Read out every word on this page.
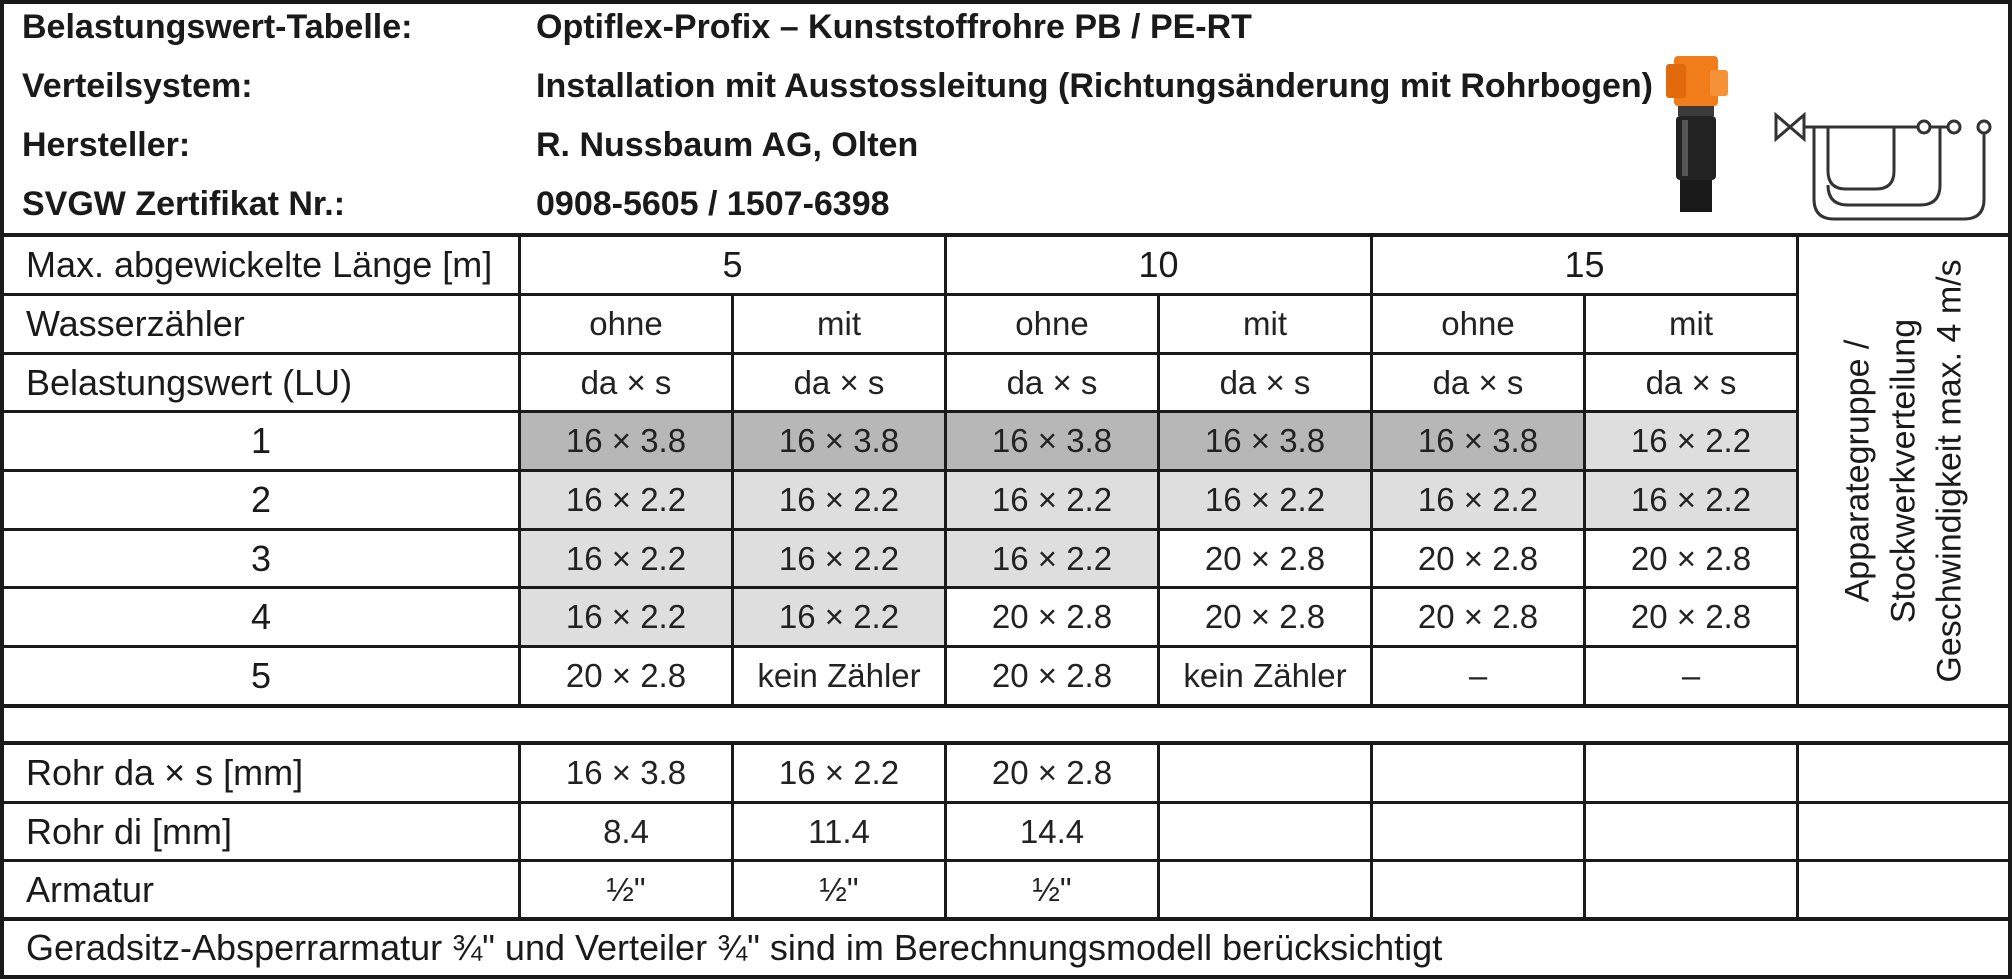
Belastungswert-Tabelle:	Optiflex-Profix – Kunststoffrohre PB / PE-RT
Verteilsystem:	Installation mit Ausstossleitung (Richtungsänderung mit Rohrbogen)
Hersteller:	R. Nussbaum AG, Olten
SVGW Zertifikat Nr.:	0908-5605 / 1507-6398
Max. abgewickelte Länge [m]	5	10	15
Wasserzähler	ohne	mit	ohne	mit	ohne	mit
Belastungswert (LU)	da × s	da × s	da × s	da × s	da × s	da × s
1	16 × 3.8	16 × 3.8	16 × 3.8	16 × 3.8	16 × 3.8	16 × 2.2
2	16 × 2.2	16 × 2.2	16 × 2.2	16 × 2.2	16 × 2.2	16 × 2.2
3	16 × 2.2	16 × 2.2	16 × 2.2	20 × 2.8	20 × 2.8	20 × 2.8
4	16 × 2.2	16 × 2.2	20 × 2.8	20 × 2.8	20 × 2.8	20 × 2.8
5	20 × 2.8	kein Zähler	20 × 2.8	kein Zähler	–	–
Apparategruppe / Stockwerkverteilung Geschwindigkeit max. 4 m/s
Rohr da × s [mm]	16 × 3.8	16 × 2.2	20 × 2.8
Rohr di [mm]	8.4	11.4	14.4
Armatur	½"	½"	½"
Geradsitz-Absperrarmatur ¾" und Verteiler ¾" sind im Berechnungsmodell berücksichtigt
